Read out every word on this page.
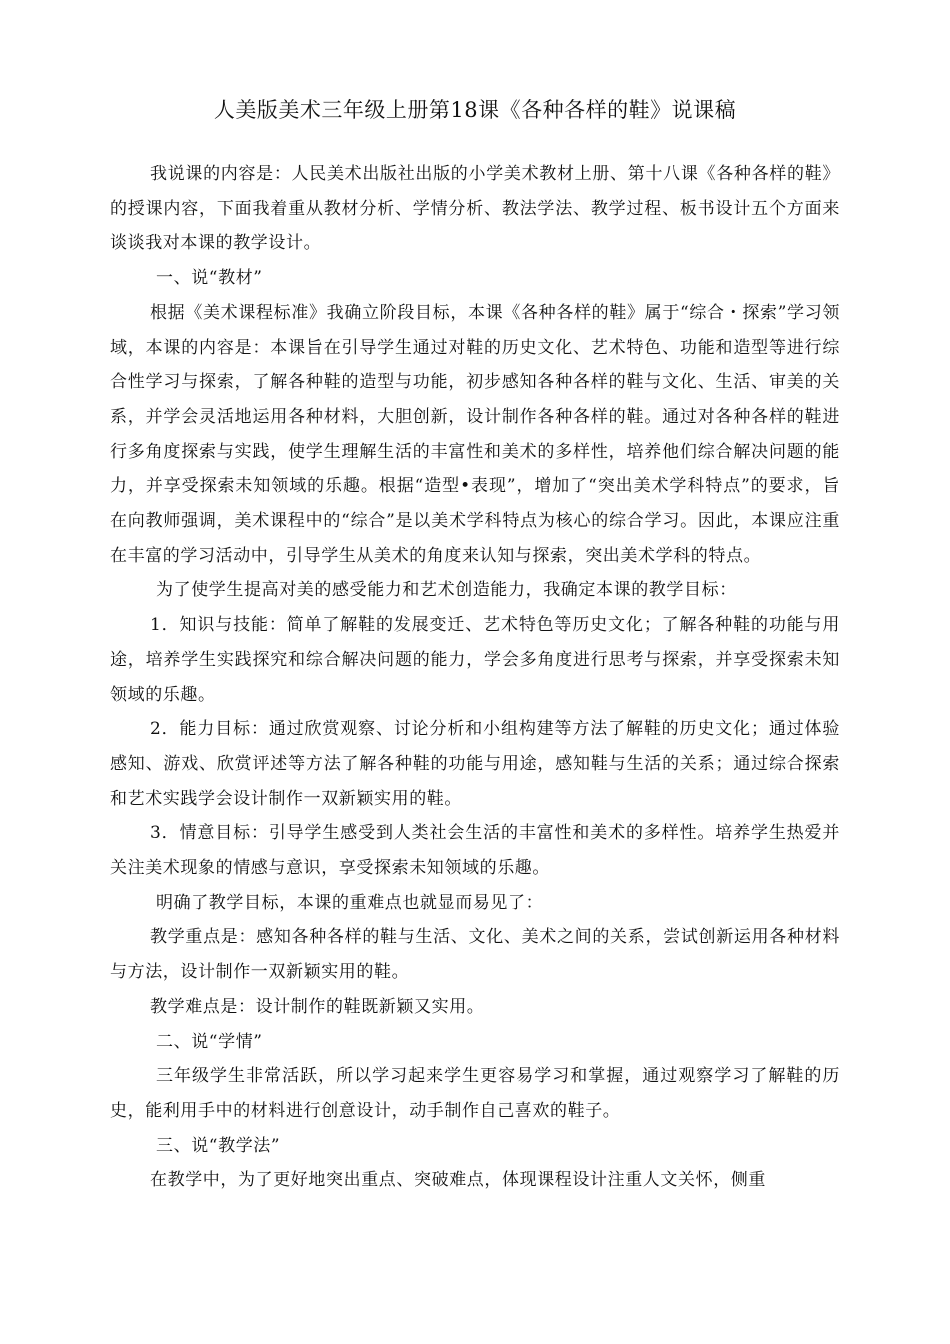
人美版美术三年级上册第18课《各种各样的鞋》说课稿

我说课的内容是：人民美术出版社出版的小学美术教材上册、第十八课《各种各样的鞋》的授课内容，下面我着重从教材分析、学情分析、教法学法、教学过程、板书设计五个方面来谈谈我对本课的教学设计。

一、说“教材”

根据《美术课程标准》我确立阶段目标，本课《各种各样的鞋》属于“综合・探索”学习领域，本课的内容是：本课旨在引导学生通过对鞋的历史文化、艺术特色、功能和造型等进行综合性学习与探索，了解各种鞋的造型与功能，初步感知各种各样的鞋与文化、生活、审美的关系，并学会灵活地运用各种材料，大胆创新，设计制作各种各样的鞋。通过对各种各样的鞋进行多角度探索与实践，使学生理解生活的丰富性和美术的多样性，培养他们综合解决问题的能力，并享受探索未知领域的乐趣。根据“造型•表现”，增加了“突出美术学科特点”的要求，旨在向教师强调，美术课程中的“综合”是以美术学科特点为核心的综合学习。因此，本课应注重在丰富的学习活动中，引导学生从美术的角度来认知与探索，突出美术学科的特点。

为了使学生提高对美的感受能力和艺术创造能力，我确定本课的教学目标：

1．知识与技能：简单了解鞋的发展变迁、艺术特色等历史文化；了解各种鞋的功能与用途，培养学生实践探究和综合解决问题的能力，学会多角度进行思考与探索，并享受探索未知领域的乐趣。

2．能力目标：通过欣赏观察、讨论分析和小组构建等方法了解鞋的历史文化；通过体验感知、游戏、欣赏评述等方法了解各种鞋的功能与用途，感知鞋与生活的关系；通过综合探索和艺术实践学会设计制作一双新颖实用的鞋。

3．情意目标：引导学生感受到人类社会生活的丰富性和美术的多样性。培养学生热爱并关注美术现象的情感与意识，享受探索未知领域的乐趣。

明确了教学目标，本课的重难点也就显而易见了：

教学重点是：感知各种各样的鞋与生活、文化、美术之间的关系，尝试创新运用各种材料与方法，设计制作一双新颖实用的鞋。

教学难点是：设计制作的鞋既新颖又实用。

二、说“学情”

三年级学生非常活跃，所以学习起来学生更容易学习和掌握，通过观察学习了解鞋的历史，能利用手中的材料进行创意设计，动手制作自己喜欢的鞋子。

三、说“教学法”

在教学中，为了更好地突出重点、突破难点，体现课程设计注重人文关怀，侧重
